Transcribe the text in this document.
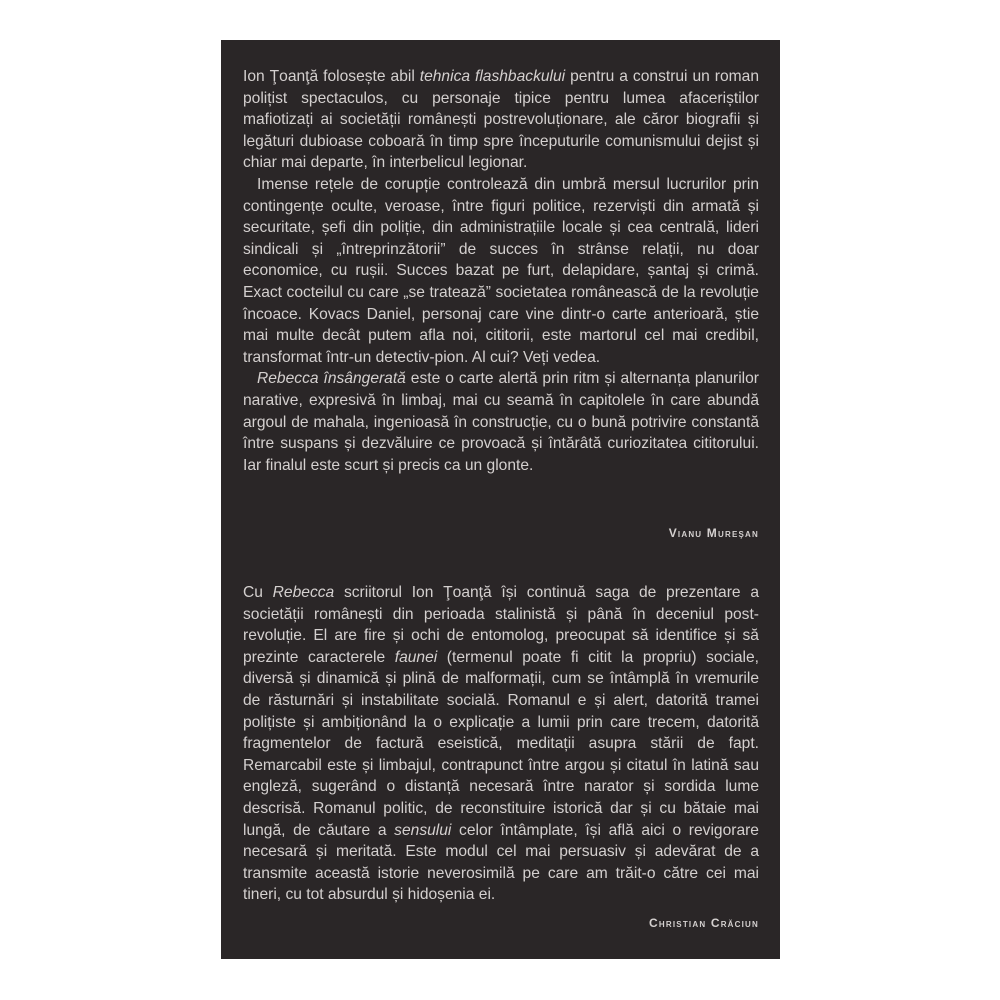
Ion Ţoanţă folosește abil tehnica flashbackului pentru a construi un roman polițist spectaculos, cu personaje tipice pentru lumea afaceriștilor mafiotizați ai societății românești postrevoluționare, ale căror biografii și legături dubioase coboară în timp spre începuturile comunismului dejist și chiar mai departe, în interbelicul legionar.

Imense rețele de corupție controlează din umbră mersul lucrurilor prin contingențe oculte, veroase, între figuri politice, rezerviști din armată și securitate, șefi din poliție, din administrațiile locale și cea centrală, lideri sindicali și „întreprinzătorii” de succes în strânse relații, nu doar economice, cu rușii. Succes bazat pe furt, delapidare, șantaj și crimă. Exact cocteilul cu care „se tratează” societatea românească de la revoluție încoace. Kovacs Daniel, personaj care vine dintr-o carte anterioară, știe mai multe decât putem afla noi, cititorii, este martorul cel mai credibil, transformat într-un detectiv-pion. Al cui? Veți vedea.

Rebecca însângerată este o carte alertă prin ritm și alternanța planurilor narative, expresivă în limbaj, mai cu seamă în capitolele în care abundă argoul de mahala, ingenioasă în construcție, cu o bună potrivire constantă între suspans și dezvăluire ce provoacă și întărâtă curiozitatea cititorului. Iar finalul este scurt și precis ca un glonte.

Vianu Mureşan

Cu Rebecca scriitorul Ion Ţoanţă își continuă saga de prezentare a societății românești din perioada stalinistă și până în deceniul post-revoluție. El are fire și ochi de entomolog, preocupat să identifice și să prezinte caracterele faunei (termenul poate fi citit la propriu) sociale, diversă și dinamică și plină de malformații, cum se întâmplă în vremurile de răsturnări și instabilitate socială. Romanul e și alert, datorită tramei polițiste și ambiționând la o explicație a lumii prin care trecem, datorită fragmentelor de factură eseistică, meditații asupra stării de fapt. Remarcabil este și limbajul, contrapunct între argou și citatul în latină sau engleză, sugerând o distanță necesară între narator și sordida lume descrisă. Romanul politic, de reconstituire istorică dar și cu bătaie mai lungă, de căutare a sensului celor întâmplate, își află aici o revigorare necesară și meritată. Este modul cel mai persuasiv și adevărat de a transmite această istorie neverosimilă pe care am trăit-o către cei mai tineri, cu tot absurdul și hidoșenia ei.

Christian Crăciun
